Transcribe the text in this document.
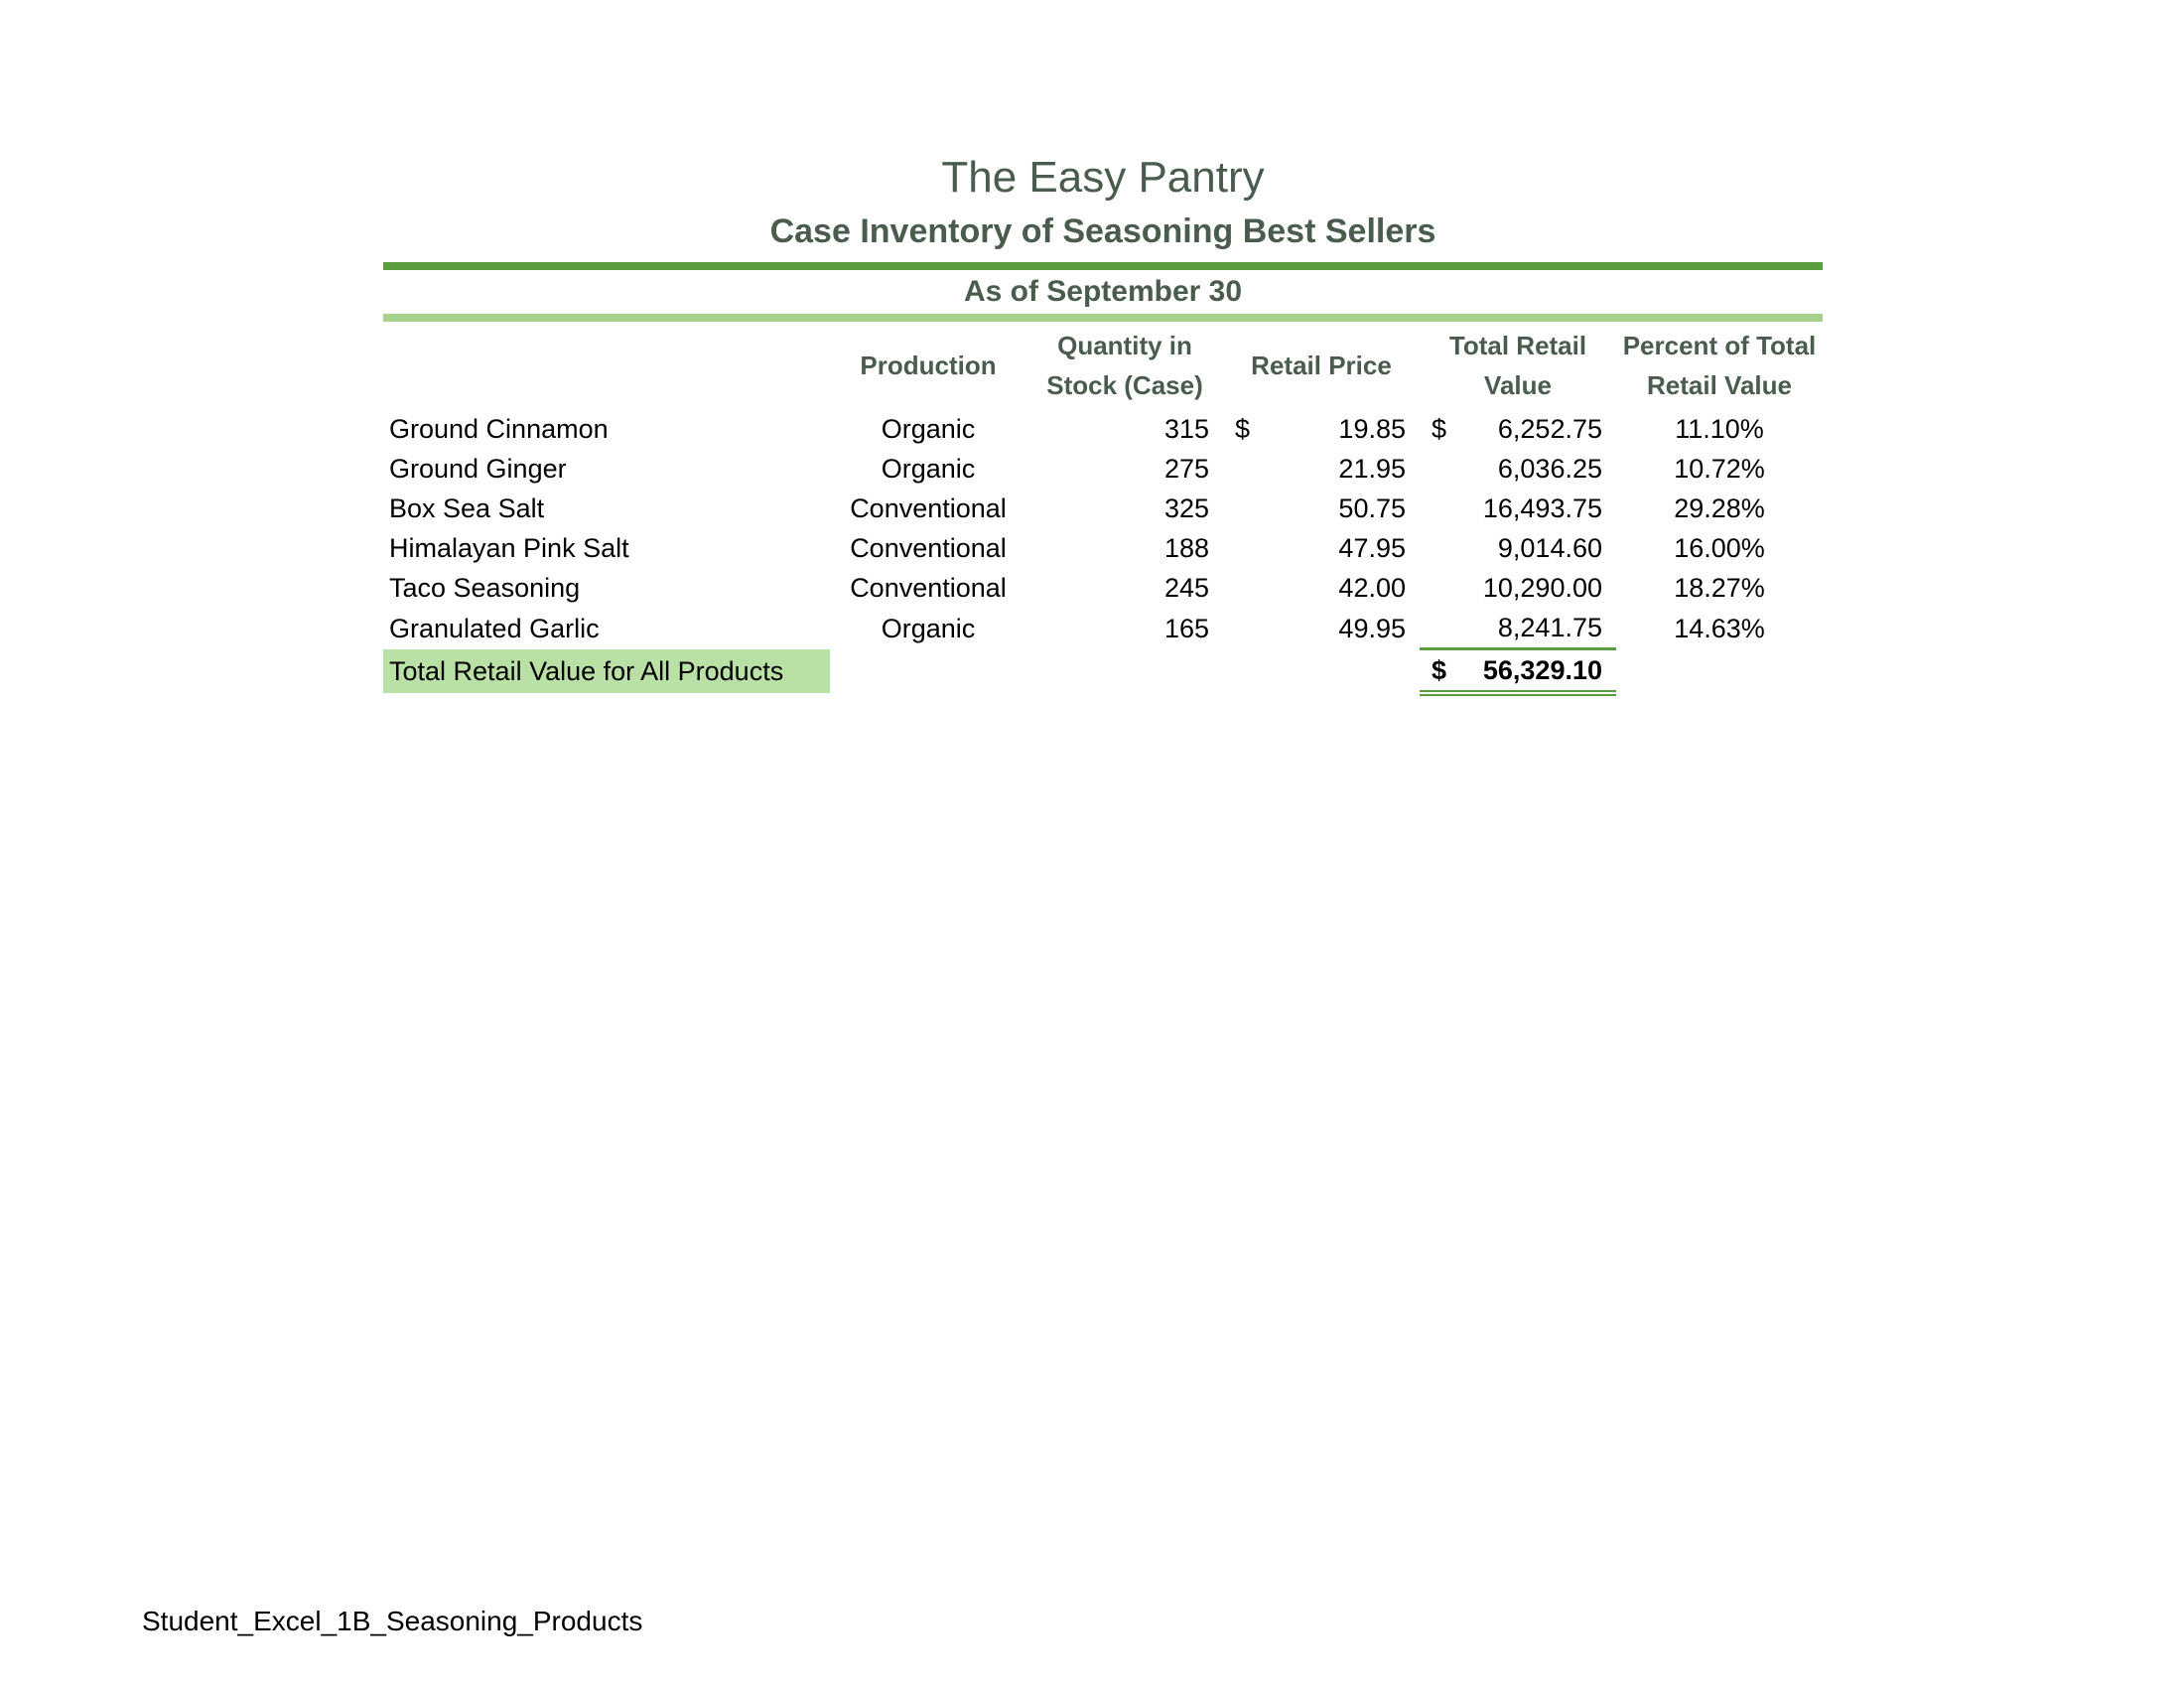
The Easy Pantry
Case Inventory of Seasoning Best Sellers
As of September 30
	Production	Quantity in Stock (Case)	Retail Price	Total Retail Value	Percent of Total Retail Value
Ground Cinnamon	Organic	315	$ 19.85	$ 6,252.75	11.10%
Ground Ginger	Organic	275	21.95	6,036.25	10.72%
Box Sea Salt	Conventional	325	50.75	16,493.75	29.28%
Himalayan Pink Salt	Conventional	188	47.95	9,014.60	16.00%
Taco Seasoning	Conventional	245	42.00	10,290.00	18.27%
Granulated Garlic	Organic	165	49.95	8,241.75	14.63%
Total Retail Value for All Products				$ 56,329.10	
Student_Excel_1B_Seasoning_Products
